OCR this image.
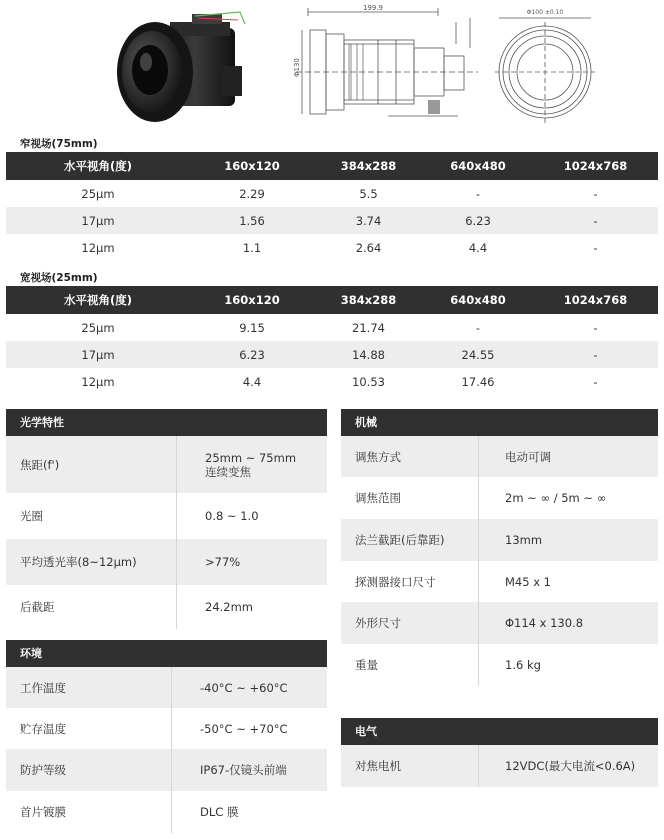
199.9
Φ130
Φ100 ±0.10
窄视场(75mm)
水平视角(度)	160x120	384x288	640x480	1024x768
25μm	2.29	5.5	-	-
17μm	1.56	3.74	6.23	-
12μm	1.1	2.64	4.4	-
宽视场(25mm)
水平视角(度)	160x120	384x288	640x480	1024x768
25μm	9.15	21.74	-	-
17μm	6.23	14.88	24.55	-
12μm	4.4	10.53	17.46	-
光学特性
焦距(f')	25mm ~ 75mm
连续变焦
光圈	0.8 ~ 1.0
平均透光率(8~12μm)	>77%
后截距	24.2mm
环境
工作温度	-40°C ~ +60°C
贮存温度	-50°C ~ +70°C
防护等级	IP67-仅镜头前端
首片镀膜	DLC 膜
机械
调焦方式	电动可调
调焦范围	2m ~ ∞ / 5m ~ ∞
法兰截距(后靠距)	13mm
探测器接口尺寸	M45 x 1
外形尺寸	Φ114 x 130.8
重量	1.6 kg
电气
对焦电机	12VDC(最大电流<0.6A)
